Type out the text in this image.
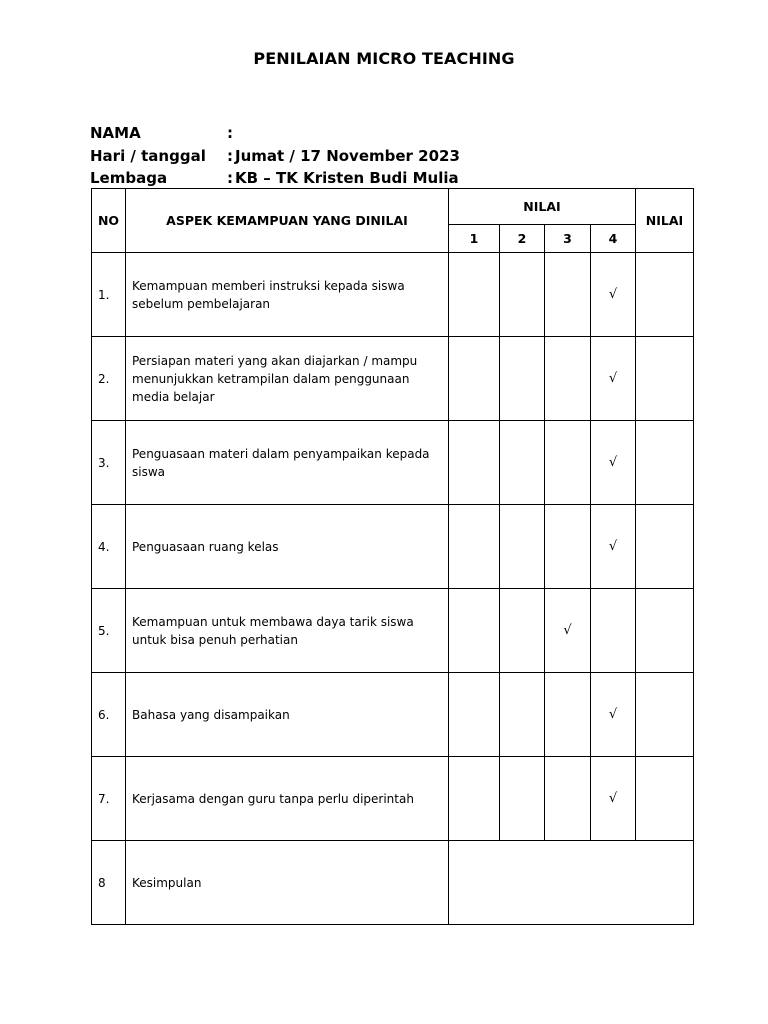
PENILAIAN MICRO TEACHING
NAMA	:
Hari / tanggal	: Jumat / 17 November 2023
Lembaga	: KB – TK Kristen Budi Mulia
NO	ASPEK KEMAMPUAN YANG DINILAI	NILAI				NILAI
		1	2	3	4	
1.	Kemampuan memberi instruksi kepada siswa sebelum pembelajaran				√	
2.	Persiapan materi yang akan diajarkan / mampu menunjukkan ketrampilan dalam penggunaan media belajar				√	
3.	Penguasaan materi dalam penyampaikan kepada siswa				√	
4.	Penguasaan ruang kelas				√	
5.	Kemampuan untuk membawa daya tarik siswa untuk bisa penuh perhatian			√		
6.	Bahasa yang disampaikan				√	
7.	Kerjasama dengan guru tanpa perlu diperintah				√	
8	Kesimpulan					
